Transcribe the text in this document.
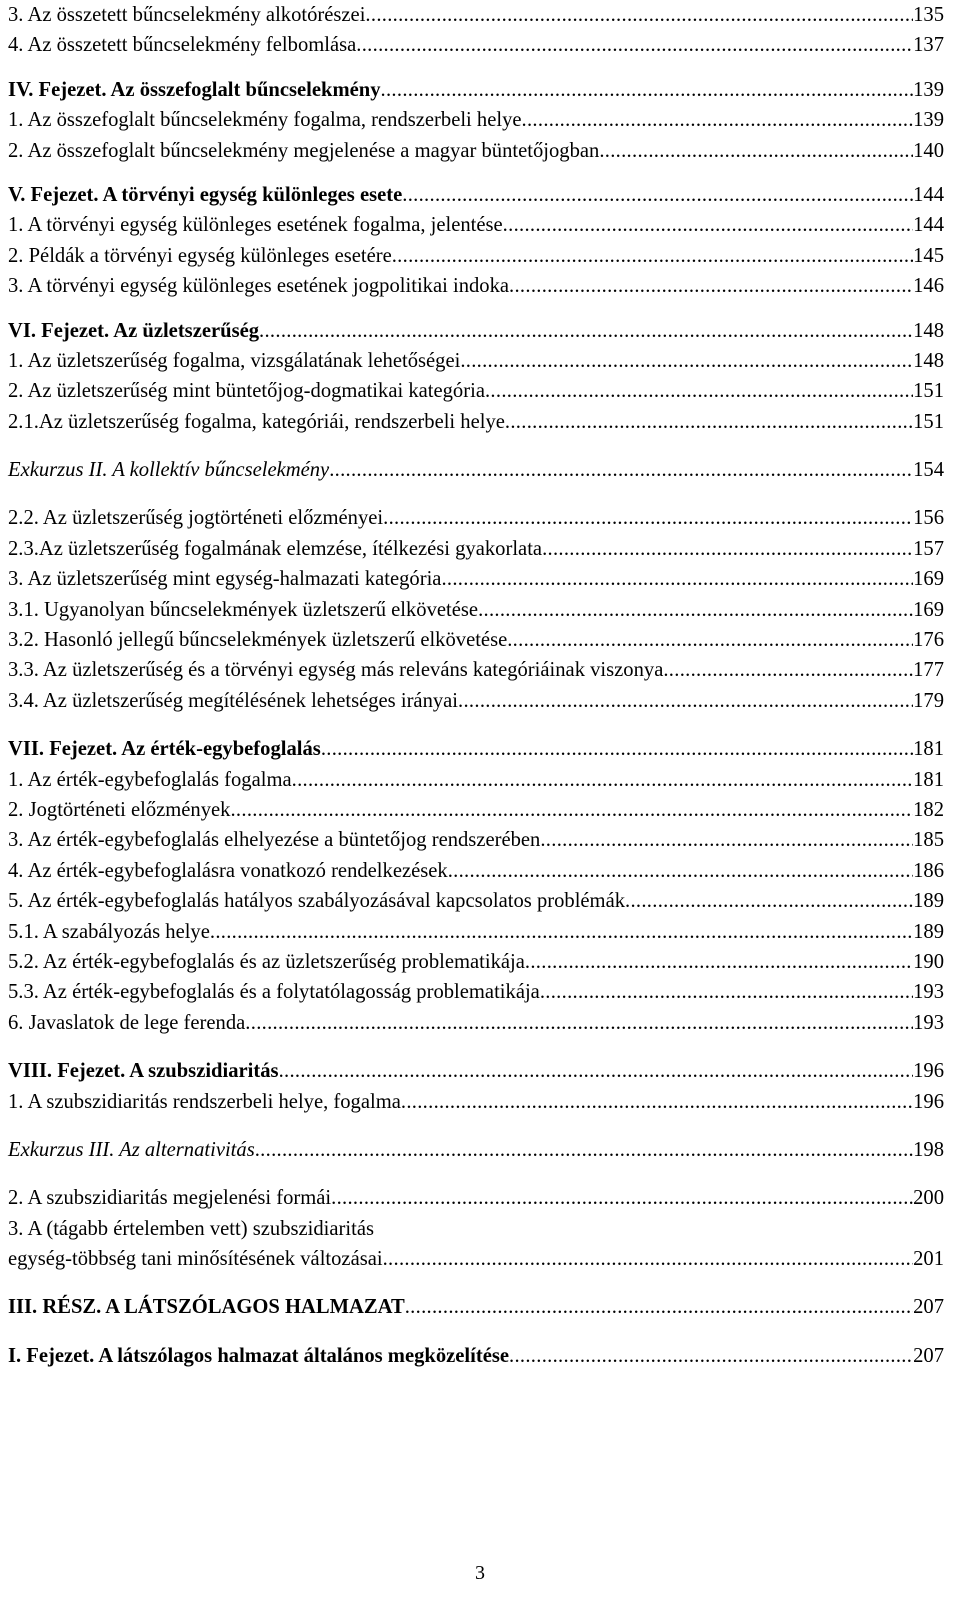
3. Az összetett bűncselekmény alkotórészei .....	135
4. Az összetett bűncselekmény felbomlása .....	137
IV. Fejezet. Az összefoglalt bűncselekmény .....	139
1. Az összefoglalt bűncselekmény fogalma, rendszerbeli helye .....	139
2. Az összefoglalt bűncselekmény megjelenése a magyar büntetőjogban .....	140
V. Fejezet. A törvényi egység különleges esete .....	144
1. A törvényi egység különleges esetének fogalma, jelentése .....	144
2. Példák a törvényi egység különleges esetére .....	145
3. A törvényi egység különleges esetének jogpolitikai indoka .....	146
VI. Fejezet. Az üzletszerűség .....	148
1. Az üzletszerűség fogalma, vizsgálatának lehetőségei .....	148
2. Az üzletszerűség mint büntetőjog-dogmatikai kategória .....	151
2.1.Az üzletszerűség fogalma, kategóriái, rendszerbeli helye .....	151
Exkurzus II. A kollektív bűncselekmény .....	154
2.2. Az üzletszerűség jogtörténeti előzményei .....	156
2.3.Az üzletszerűség fogalmának elemzése, ítélkezési gyakorlata .....	157
3. Az üzletszerűség mint egység-halmazati kategória .....	169
3.1. Ugyanolyan bűncselekmények üzletszerű elkövetése .....	169
3.2. Hasonló jellegű bűncselekmények üzletszerű elkövetése .....	176
3.3. Az üzletszerűség és a törvényi egység más releváns kategóriáinak viszonya .....	177
3.4. Az üzletszerűség megítélésének lehetséges irányai .....	179
VII. Fejezet. Az érték-egybefoglalás .....	181
1. Az érték-egybefoglalás fogalma .....	181
2. Jogtörténeti előzmények .....	182
3. Az érték-egybefoglalás elhelyezése a büntetőjog rendszerében .....	185
4. Az érték-egybefoglalásra vonatkozó rendelkezések .....	186
5. Az érték-egybefoglalás hatályos szabályozásával kapcsolatos problémák .....	189
5.1. A szabályozás helye .....	189
5.2. Az érték-egybefoglalás és az üzletszerűség problematikája .....	190
5.3. Az érték-egybefoglalás és a folytatólagosság problematikája .....	193
6. Javaslatok de lege ferenda .....	193
VIII. Fejezet. A szubszidiaritás .....	196
1. A szubszidiaritás rendszerbeli helye, fogalma .....	196
Exkurzus III. Az alternativitás .....	198
2. A szubszidiaritás megjelenési formái .....	200
3. A (tágabb értelemben vett) szubszidiaritás
egység-többség tani minősítésének változásai .....	201
III. RÉSZ. A LÁTSZÓLAGOS HALMAZAT .....	207
I. Fejezet. A látszólagos halmazat általános megközelítése .....	207
3
